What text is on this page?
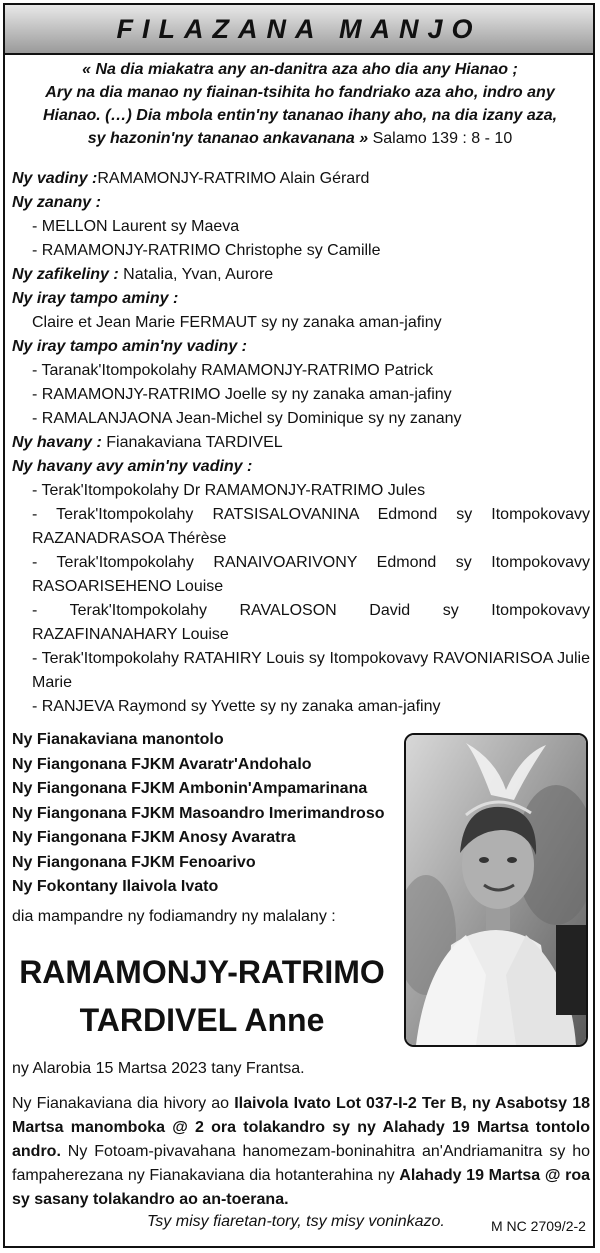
FILAZANA MANJO
« Na dia miakatra any an-danitra aza aho dia any Hianao ;
Ary na dia manao ny fiainan-tsihita ho fandriako aza aho, indro any
Hianao. (…) Dia mbola entin'ny tananao ihany aho, na dia izany aza,
sy hazonin'ny tananao ankavanana » Salamo 139 : 8 - 10
Ny vadiny :RAMAMONJY-RATRIMO Alain Gérard
Ny zanany :
- MELLON Laurent sy Maeva
- RAMAMONJY-RATRIMO Christophe sy Camille
Ny zafikeliny : Natalia, Yvan, Aurore
Ny iray tampo aminy :
Claire et Jean Marie FERMAUT sy ny zanaka aman-jafiny
Ny iray tampo amin'ny vadiny :
- Taranak'Itompokolahy RAMAMONJY-RATRIMO Patrick
- RAMAMONJY-RATRIMO Joelle sy ny zanaka aman-jafiny
- RAMALANJAONA Jean-Michel sy Dominique sy ny zanany
Ny havany : Fianakaviana TARDIVEL
Ny havany avy amin'ny vadiny :
- Terak'Itompokolahy Dr RAMAMONJY-RATRIMO Jules
- Terak'Itompokolahy RATSISALOVANINA Edmond sy Itompokovavy RAZANADRASOA Thérèse
- Terak'Itompokolahy RANAIVOARIVONY Edmond sy Itompokovavy RASOARISEHENO Louise
- Terak'Itompokolahy RAVALOSON David sy Itompokovavy RAZAFINANAHARY Louise
- Terak'Itompokolahy RATAHIRY Louis sy Itompokovavy RAVONIARISOA Julie Marie
- RANJEVA Raymond sy Yvette sy ny zanaka aman-jafiny
Ny Fianakaviana manontolo
Ny Fiangonana FJKM Avaratr'Andohalo
Ny Fiangonana FJKM Ambonin'Ampamarinana
Ny Fiangonana FJKM Masoandro Imerimandroso
Ny Fiangonana FJKM Anosy Avaratra
Ny Fiangonana FJKM Fenoarivo
Ny Fokontany Ilaivola Ivato
dia mampandre ny fodiamandry ny malalany :
RAMAMONJY-RATRIMO
TARDIVEL Anne
ny Alarobia 15 Martsa 2023 tany Frantsa.
Ny Fianakaviana dia hivory ao Ilaivola Ivato Lot 037-I-2 Ter B, ny Asabotsy 18 Martsa manomboka @ 2 ora tolakandro sy ny Alahady 19 Martsa tontolo andro. Ny Fotoam-pivavahana hanomezam-boninahitra an'Andriamanitra sy ho fampaherezana ny Fianakaviana dia hotanterahina ny Alahady 19 Martsa @ roa sy sasany tolakandro ao an-toerana.
Tsy misy fiaretan-tory, tsy misy voninkazo.	M NC 2709/2-2
